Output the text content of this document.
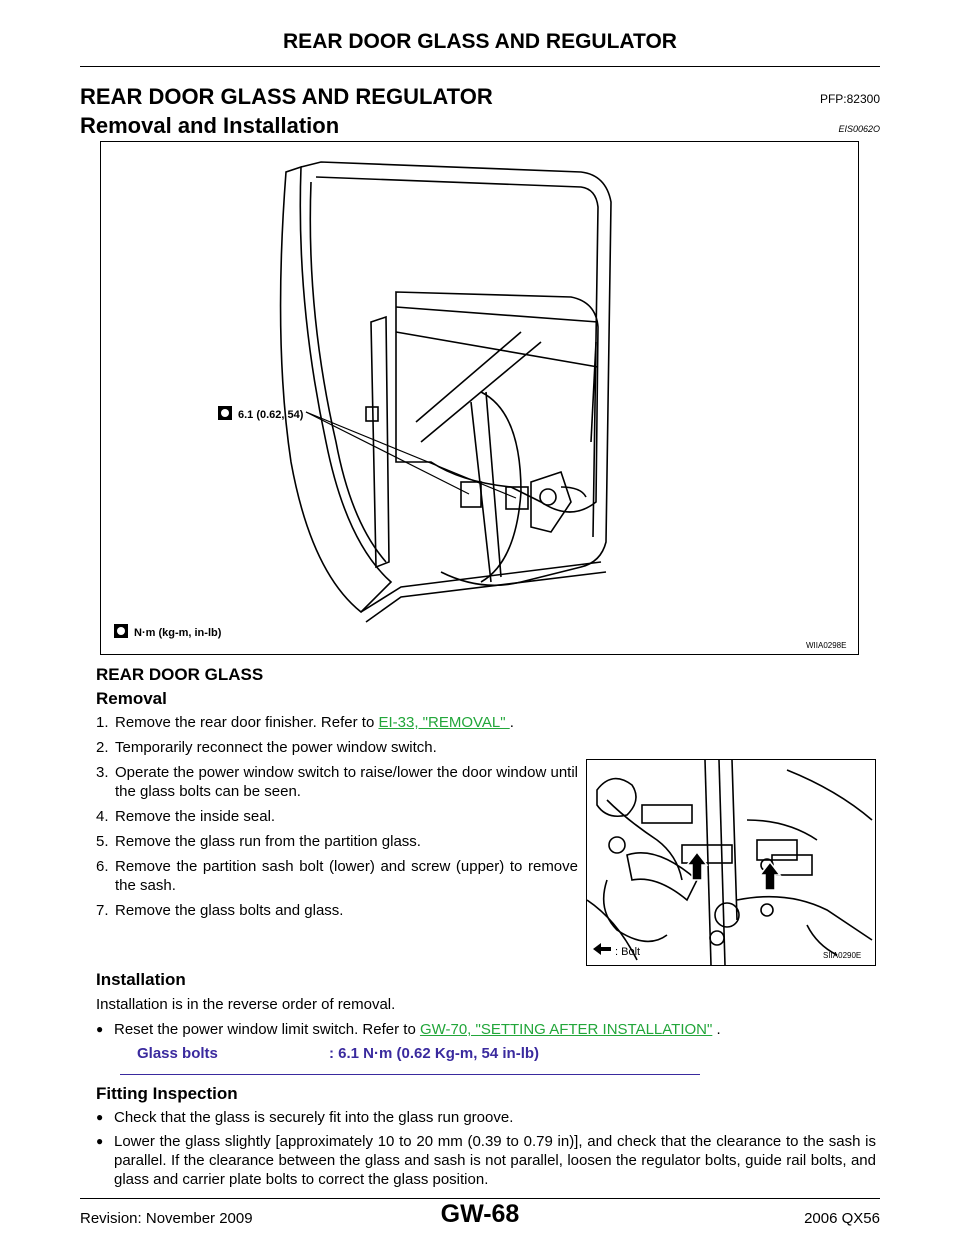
REAR DOOR GLASS AND REGULATOR
REAR DOOR GLASS AND REGULATOR	PFP:82300
Removal and Installation	EIS0062O
6.1 (0.62, 54)
N·m (kg-m, in-lb)
WIIA0298E
REAR DOOR GLASS
Removal
1. Remove the rear door finisher. Refer to EI-33, "REMOVAL" .
2. Temporarily reconnect the power window switch.
3. Operate the power window switch to raise/lower the door window until the glass bolts can be seen.
4. Remove the inside seal.
5. Remove the glass run from the partition glass.
6. Remove the partition sash bolt (lower) and screw (upper) to remove the sash.
7. Remove the glass bolts and glass.
: Bolt	SIIA0290E
Installation
Installation is in the reverse order of removal.
● Reset the power window limit switch. Refer to GW-70, "SETTING AFTER INSTALLATION" .
Glass bolts	: 6.1 N·m (0.62 Kg-m, 54 in-lb)
Fitting Inspection
● Check that the glass is securely fit into the glass run groove.
● Lower the glass slightly [approximately 10 to 20 mm (0.39 to 0.79 in)], and check that the clearance to the sash is parallel. If the clearance between the glass and sash is not parallel, loosen the regulator bolts, guide rail bolts, and glass and carrier plate bolts to correct the glass position.
Revision: November 2009	GW-68	2006 QX56
